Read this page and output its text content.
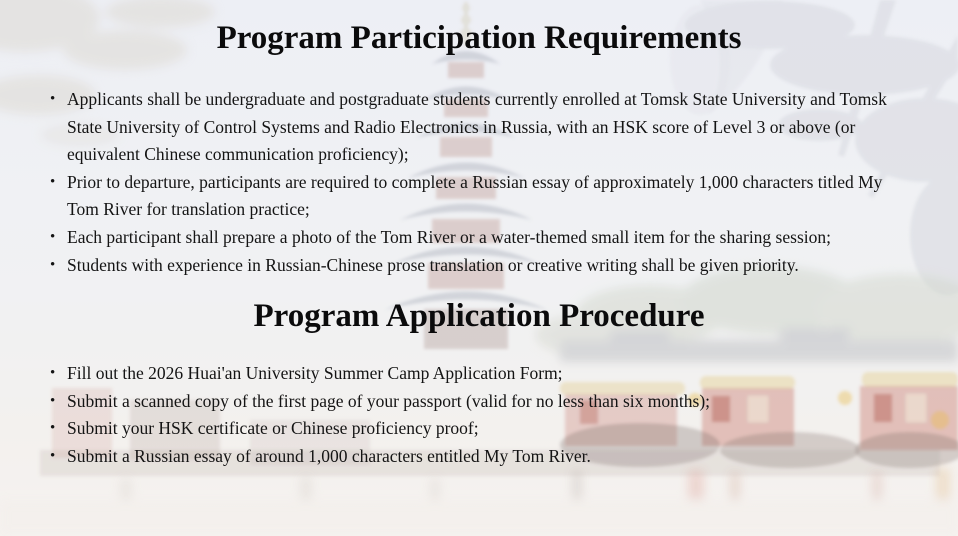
Program Participation Requirements
• Applicants shall be undergraduate and postgraduate students currently enrolled at Tomsk State University and Tomsk State University of Control Systems and Radio Electronics in Russia, with an HSK score of Level 3 or above (or equivalent Chinese communication proficiency);
• Prior to departure, participants are required to complete a Russian essay of approximately 1,000 characters titled My Tom River for translation practice;
• Each participant shall prepare a photo of the Tom River or a water-themed small item for the sharing session;
• Students with experience in Russian-Chinese prose translation or creative writing shall be given priority.
Program Application Procedure
• Fill out the 2026 Huai'an University Summer Camp Application Form;
• Submit a scanned copy of the first page of your passport (valid for no less than six months);
• Submit your HSK certificate or Chinese proficiency proof;
• Submit a Russian essay of around 1,000 characters entitled My Tom River.
